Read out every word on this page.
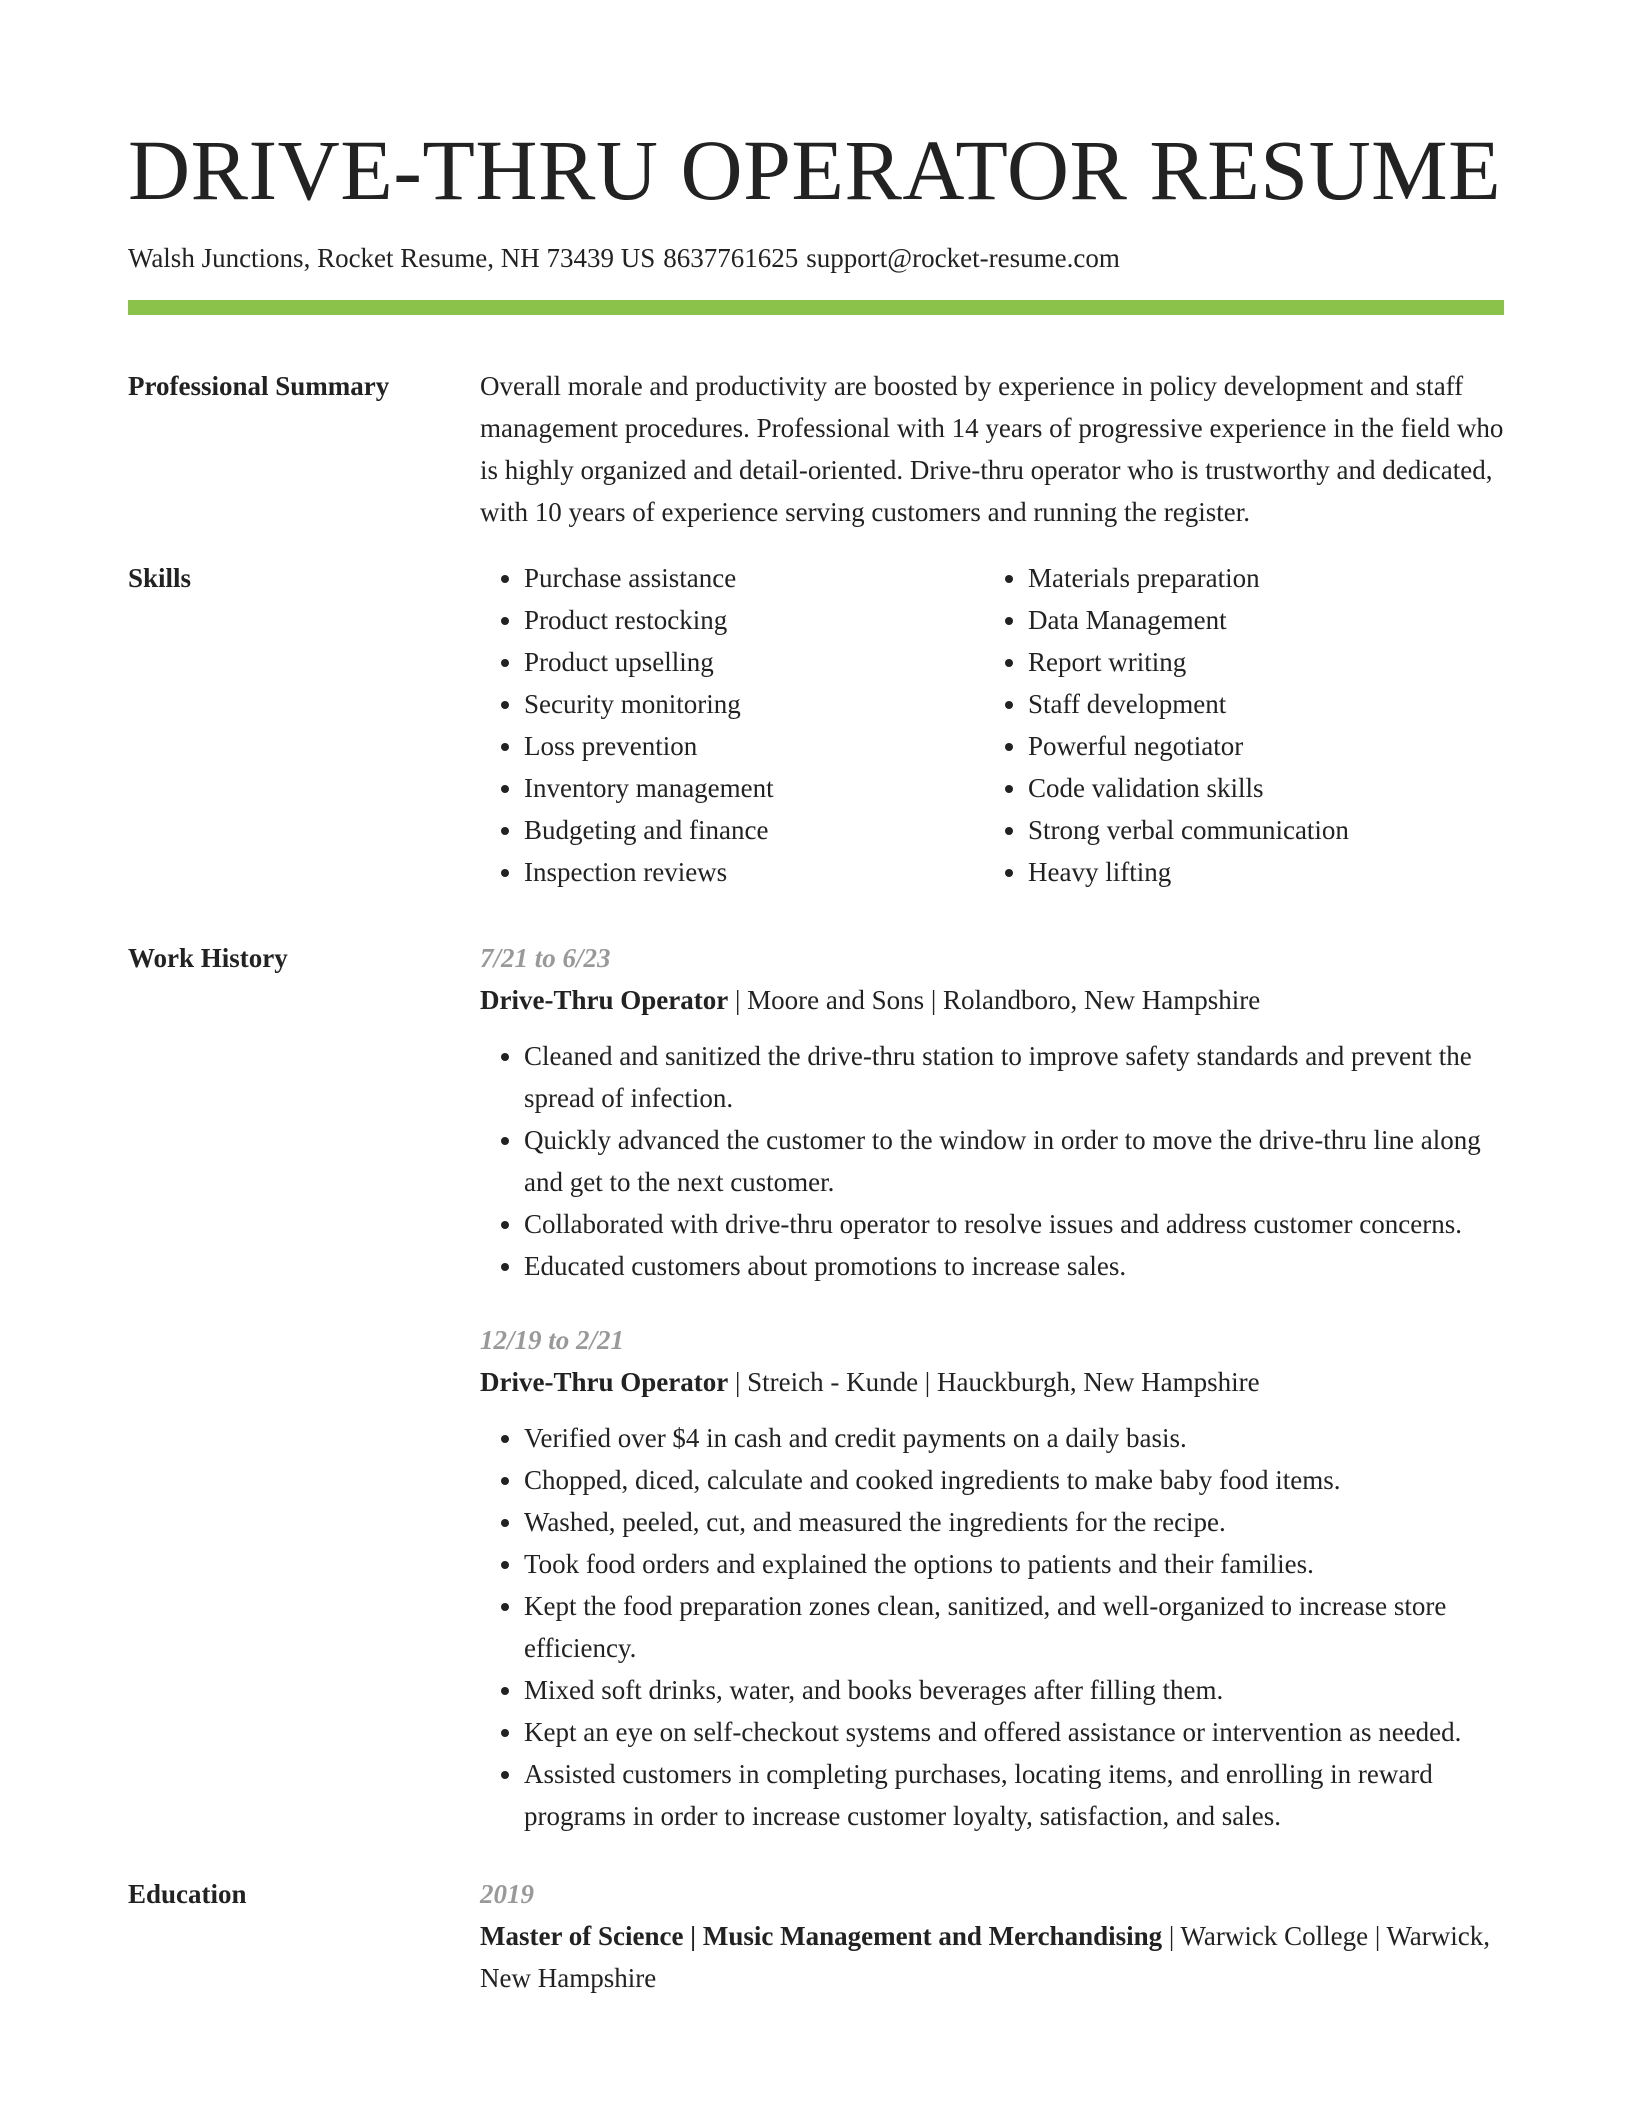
DRIVE-THRU OPERATOR RESUME
Walsh Junctions, Rocket Resume, NH 73439 US 8637761625 support@rocket-resume.com
Professional Summary	Overall morale and productivity are boosted by experience in policy development and staff management procedures. Professional with 14 years of progressive experience in the field who is highly organized and detail-oriented. Drive-thru operator who is trustworthy and dedicated, with 10 years of experience serving customers and running the register.

Skills
•	Purchase assistance
• Product restocking
• Product upselling
• Security monitoring
• Loss prevention
• Inventory management
• Budgeting and finance
• Inspection reviews
• Materials preparation
• Data Management
• Report writing
• Staff development
• Powerful negotiator
• Code validation skills
• Strong verbal communication
• Heavy lifting
Work History	7/21 to 6/23
Drive-Thru Operator | Moore and Sons | Rolandboro, New Hampshire
• Cleaned and sanitized the drive-thru station to improve safety standards and prevent the spread of infection.
• Quickly advanced the customer to the window in order to move the drive-thru line along and get to the next customer.
• Collaborated with drive-thru operator to resolve issues and address customer concerns.
• Educated customers about promotions to increase sales.
12/19 to 2/21
Drive-Thru Operator | Streich - Kunde | Hauckburgh, New Hampshire
• Verified over $4 in cash and credit payments on a daily basis.
• Chopped, diced, calculate and cooked ingredients to make baby food items.
• Washed, peeled, cut, and measured the ingredients for the recipe.
• Took food orders and explained the options to patients and their families.
• Kept the food preparation zones clean, sanitized, and well-organized to increase store efficiency.
• Mixed soft drinks, water, and books beverages after filling them.
• Kept an eye on self-checkout systems and offered assistance or intervention as needed.
• Assisted customers in completing purchases, locating items, and enrolling in reward programs in order to increase customer loyalty, satisfaction, and sales.
Education	2019
Master of Science | Music Management and Merchandising | Warwick College | Warwick, New Hampshire
